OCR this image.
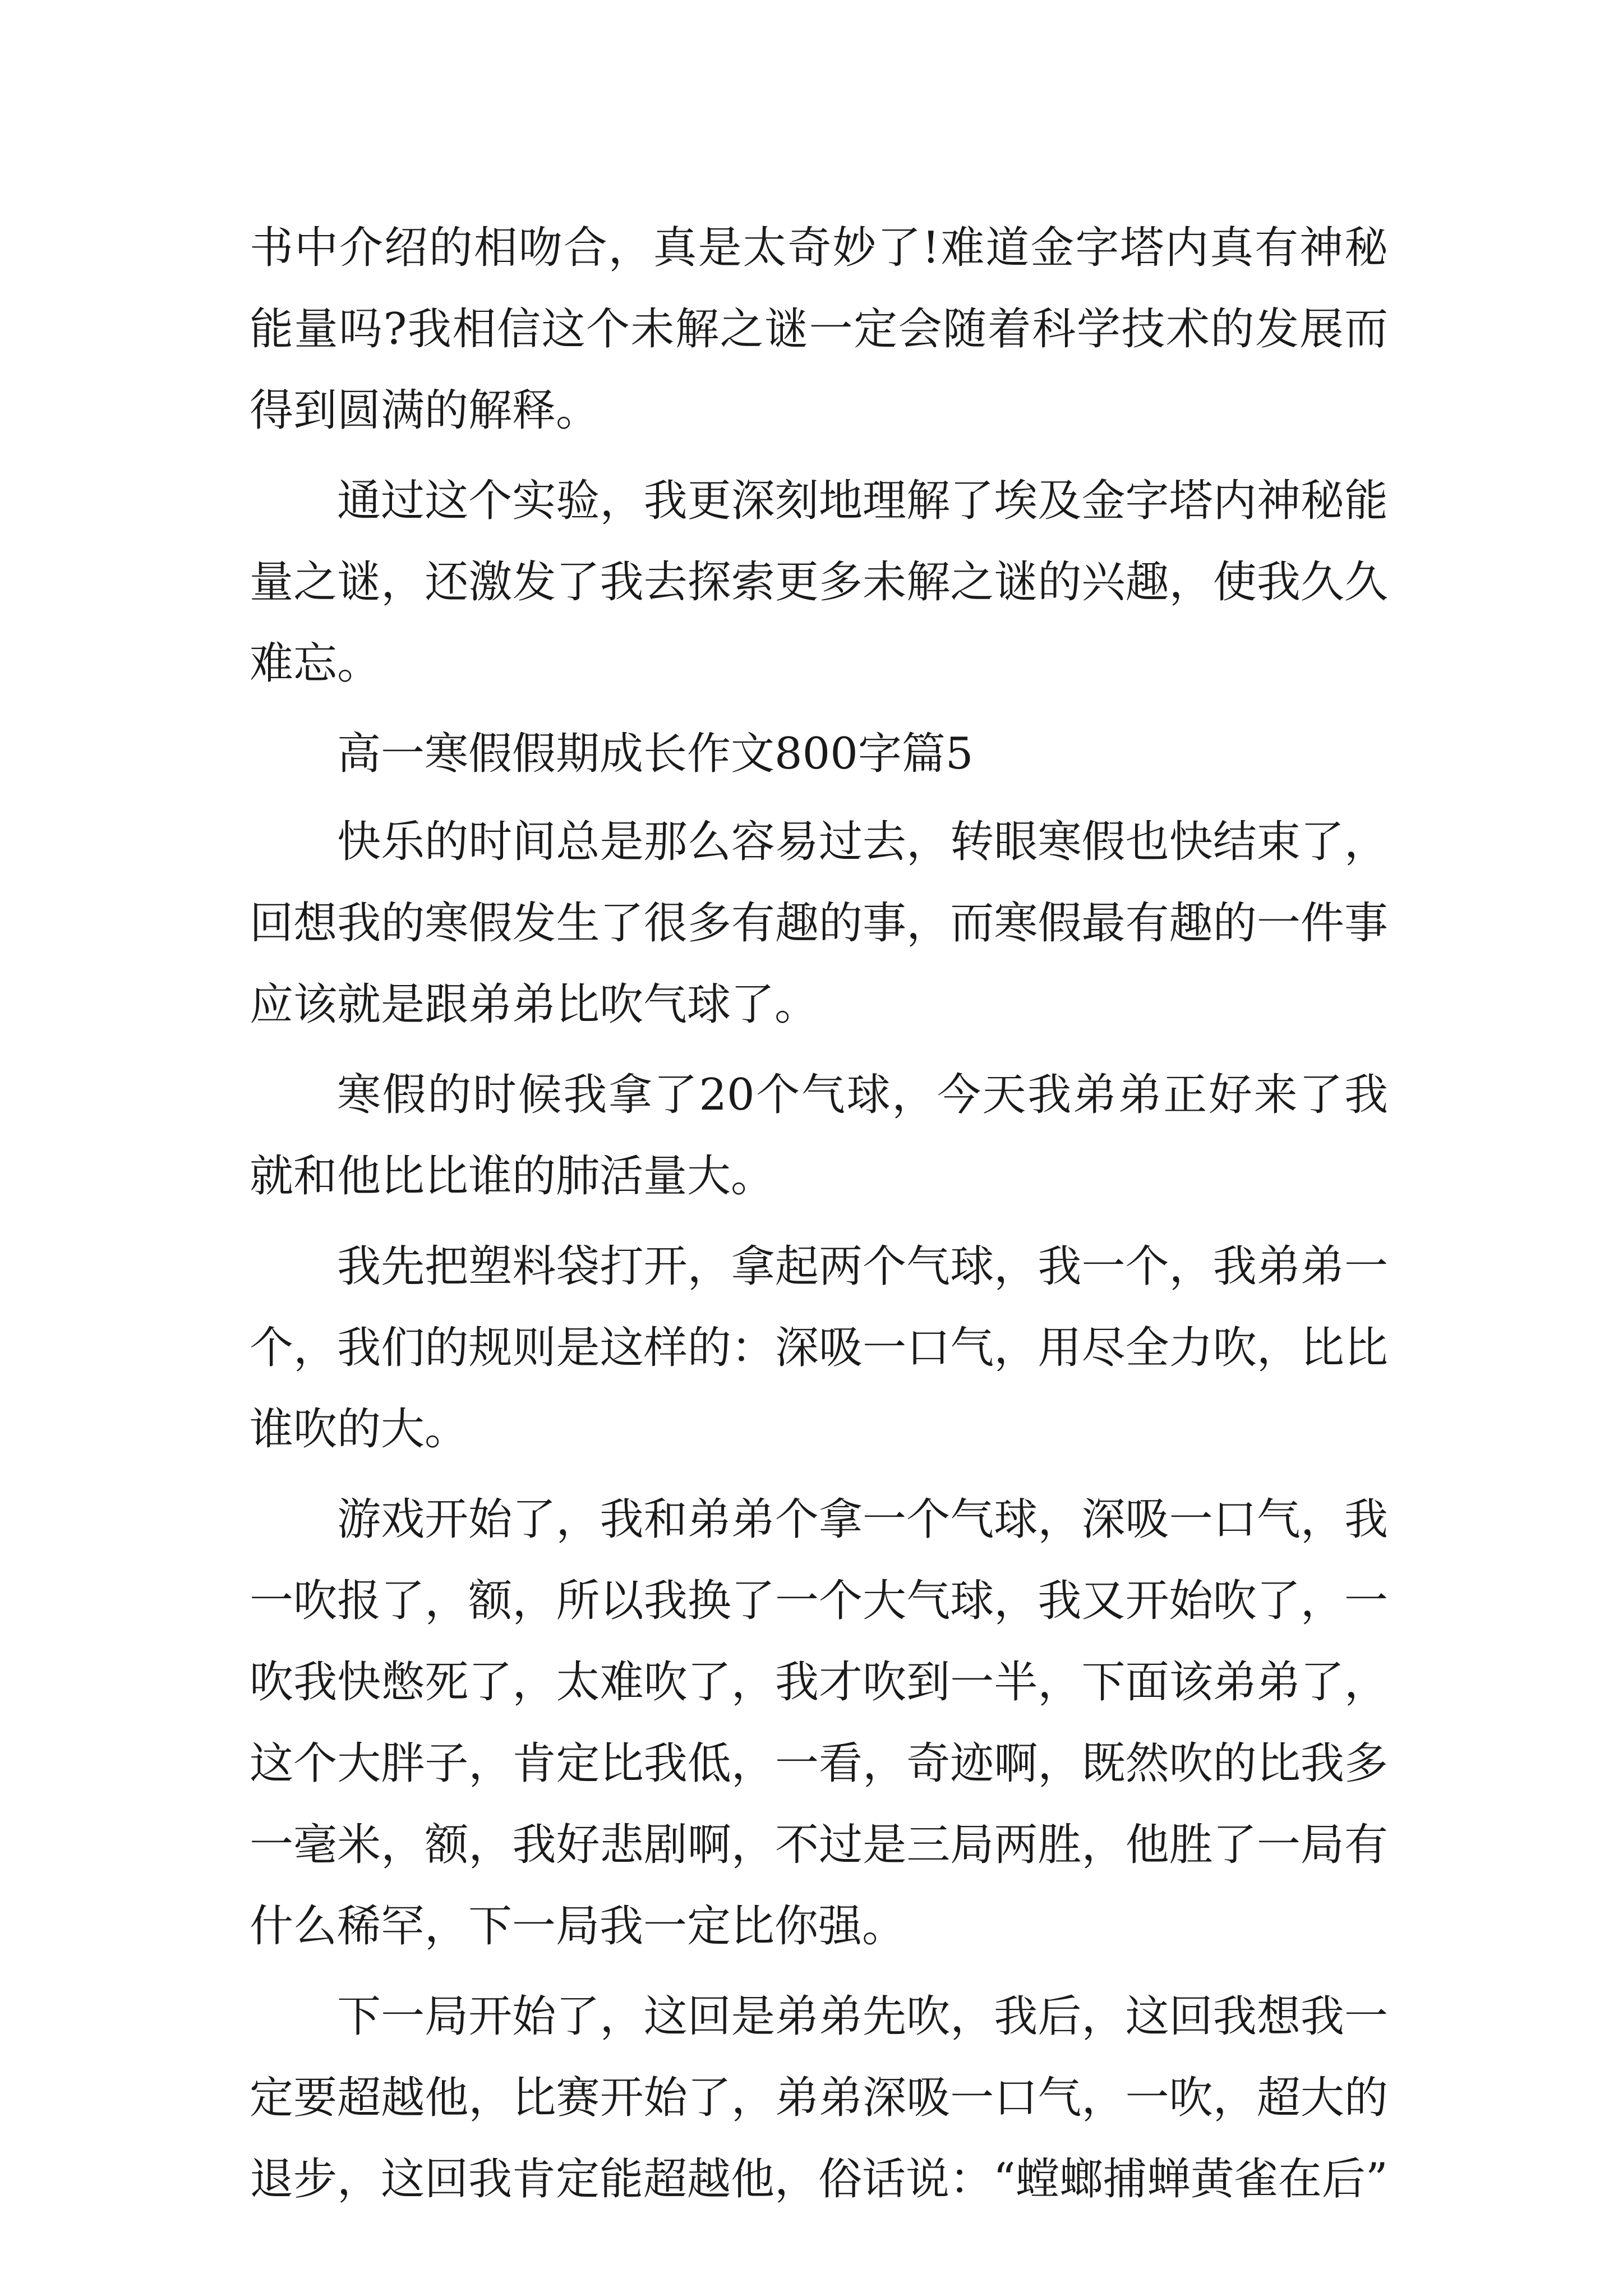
书中介绍的相吻合，真是太奇妙了!难道金字塔内真有神秘能量吗?我相信这个未解之谜一定会随着科学技术的发展而得到圆满的解释。

通过这个实验，我更深刻地理解了埃及金字塔内神秘能量之谜，还激发了我去探索更多未解之谜的兴趣，使我久久难忘。

高一寒假假期成长作文800字篇5

快乐的时间总是那么容易过去，转眼寒假也快结束了，回想我的寒假发生了很多有趣的事，而寒假最有趣的一件事应该就是跟弟弟比吹气球了。

寒假的时候我拿了20个气球，今天我弟弟正好来了我就和他比比谁的肺活量大。

我先把塑料袋打开，拿起两个气球，我一个，我弟弟一个，我们的规则是这样的：深吸一口气，用尽全力吹，比比谁吹的大。

游戏开始了，我和弟弟个拿一个气球，深吸一口气，我一吹报了，额，所以我换了一个大气球，我又开始吹了，一吹我快憋死了，太难吹了，我才吹到一半，下面该弟弟了，这个大胖子，肯定比我低，一看，奇迹啊，既然吹的比我多一毫米，额，我好悲剧啊，不过是三局两胜，他胜了一局有什么稀罕，下一局我一定比你强。

下一局开始了，这回是弟弟先吹，我后，这回我想我一定要超越他，比赛开始了，弟弟深吸一口气，一吹，超大的退步，这回我肯定能超越他，俗话说：“螳螂捕蝉黄雀在后”
